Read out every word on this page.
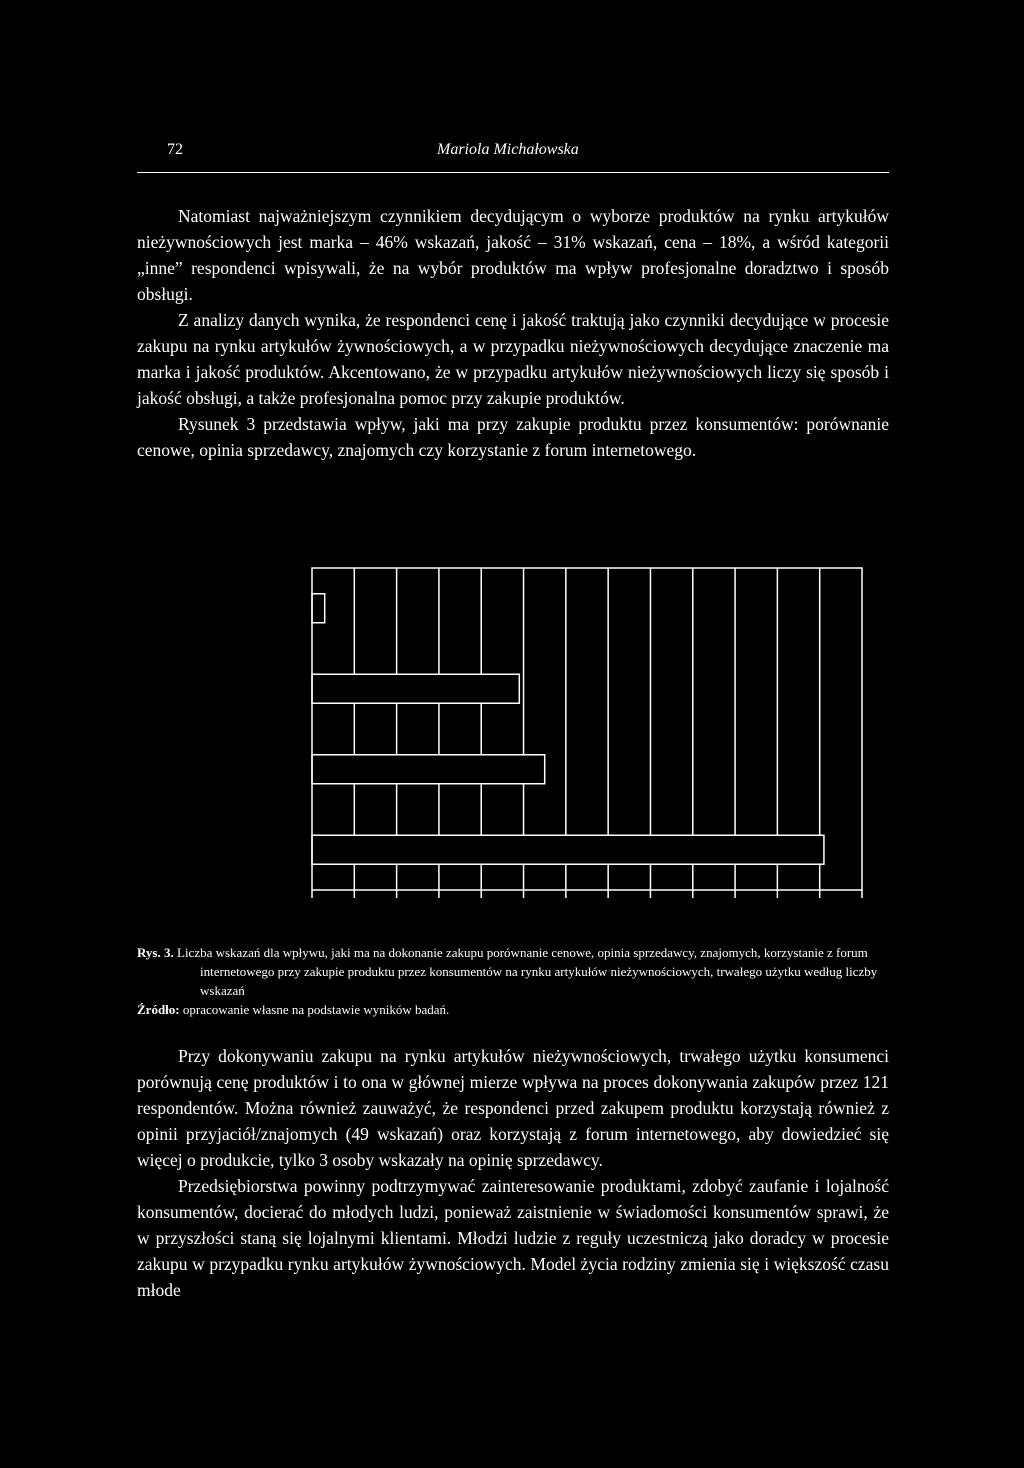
72	Mariola Michałowska

Natomiast najważniejszym czynnikiem decydującym o wyborze produktów na rynku artykułów nieżywnościowych jest marka – 46% wskazań, jakość – 31% wskazań, cena – 18%, a wśród kategorii „inne” respondenci wpisywali, że na wybór produktów ma wpływ profesjonalne doradztwo i sposób obsługi.

Z analizy danych wynika, że respondenci cenę i jakość traktują jako czynniki decydujące w procesie zakupu na rynku artykułów żywnościowych, a w przypadku nieżywnościowych decydujące znaczenie ma marka i jakość produktów. Akcentowano, że w przypadku artykułów nieżywnościowych liczy się sposób i jakość obsługi, a także profesjonalna pomoc przy zakupie produktów.

Rysunek 3 przedstawia wpływ, jaki ma przy zakupie produktu przez konsumentów: porównanie cenowe, opinia sprzedawcy, znajomych czy korzystanie z forum internetowego.

Rys. 3. Liczba wskazań dla wpływu, jaki ma na dokonanie zakupu porównanie cenowe, opinia sprzedawcy, znajomych, korzystanie z forum internetowego przy zakupie produktu przez konsumentów na rynku artykułów nieżywnościowych, trwałego użytku według liczby wskazań

Źródło: opracowanie własne na podstawie wyników badań.

Przy dokonywaniu zakupu na rynku artykułów nieżywnościowych, trwałego użytku konsumenci porównują cenę produktów i to ona w głównej mierze wpływa na proces dokonywania zakupów przez 121 respondentów. Można również zauważyć, że respondenci przed zakupem produktu korzystają również z opinii przyjaciół/znajomych (49 wskazań) oraz korzystają z forum internetowego, aby dowiedzieć się więcej o produkcie, tylko 3 osoby wskazały na opinię sprzedawcy.

Przedsiębiorstwa powinny podtrzymywać zainteresowanie produktami, zdobyć zaufanie i lojalność konsumentów, docierać do młodych ludzi, ponieważ zaistnienie w świadomości konsumentów sprawi, że w przyszłości staną się lojalnymi klientami. Młodzi ludzie z reguły uczestniczą jako doradcy w procesie zakupu w przypadku rynku artykułów żywnościowych. Model życia rodziny zmienia się i większość czasu młode
